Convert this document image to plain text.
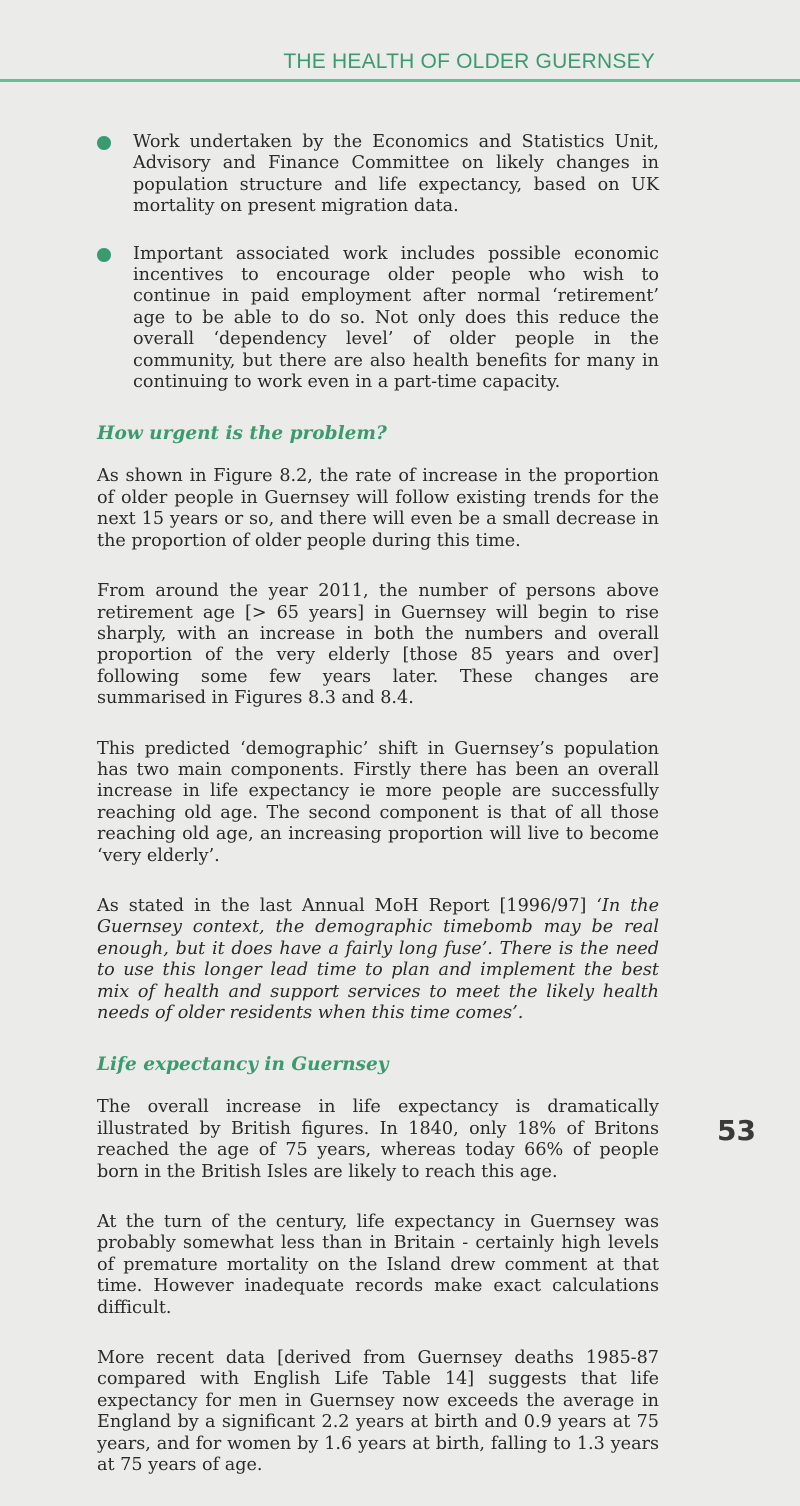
THE HEALTH OF OLDER GUERNSEY
Work undertaken by the Economics and Statistics Unit, Advisory and Finance Committee on likely changes in population structure and life expectancy, based on UK mortality on present migration data.
Important associated work includes possible economic incentives to encourage older people who wish to continue in paid employment after normal ‘retirement’ age to be able to do so. Not only does this reduce the overall ‘dependency level’ of older people in the community, but there are also health benefits for many in continuing to work even in a part-time capacity.
How urgent is the problem?

As shown in Figure 8.2, the rate of increase in the proportion of older people in Guernsey will follow existing trends for the next 15 years or so, and there will even be a small decrease in the proportion of older people during this time.

From around the year 2011, the number of persons above retirement age [> 65 years] in Guernsey will begin to rise sharply, with an increase in both the numbers and overall proportion of the very elderly [those 85 years and over] following some few years later. These changes are summarised in Figures 8.3 and 8.4.

This predicted ‘demographic’ shift in Guernsey’s population has two main components. Firstly there has been an overall increase in life expectancy ie more people are successfully reaching old age. The second component is that of all those reaching old age, an increasing proportion will live to become ‘very elderly’.

As stated in the last Annual MoH Report [1996/97] ‘In the Guernsey context, the demographic timebomb may be real enough, but it does have a fairly long fuse’. There is the need to use this longer lead time to plan and implement the best mix of health and support services to meet the likely health needs of older residents when this time comes’.

Life expectancy in Guernsey

The overall increase in life expectancy is dramatically illustrated by British figures. In 1840, only 18% of Britons reached the age of 75 years, whereas today 66% of people born in the British Isles are likely to reach this age.

At the turn of the century, life expectancy in Guernsey was probably somewhat less than in Britain - certainly high levels of premature mortality on the Island drew comment at that time. However inadequate records make exact calculations difficult.

More recent data [derived from Guernsey deaths 1985-87 compared with English Life Table 14] suggests that life expectancy for men in Guernsey now exceeds the average in England by a significant 2.2 years at birth and 0.9 years at 75 years, and for women by 1.6 years at birth, falling to 1.3 years at 75 years of age.

53
